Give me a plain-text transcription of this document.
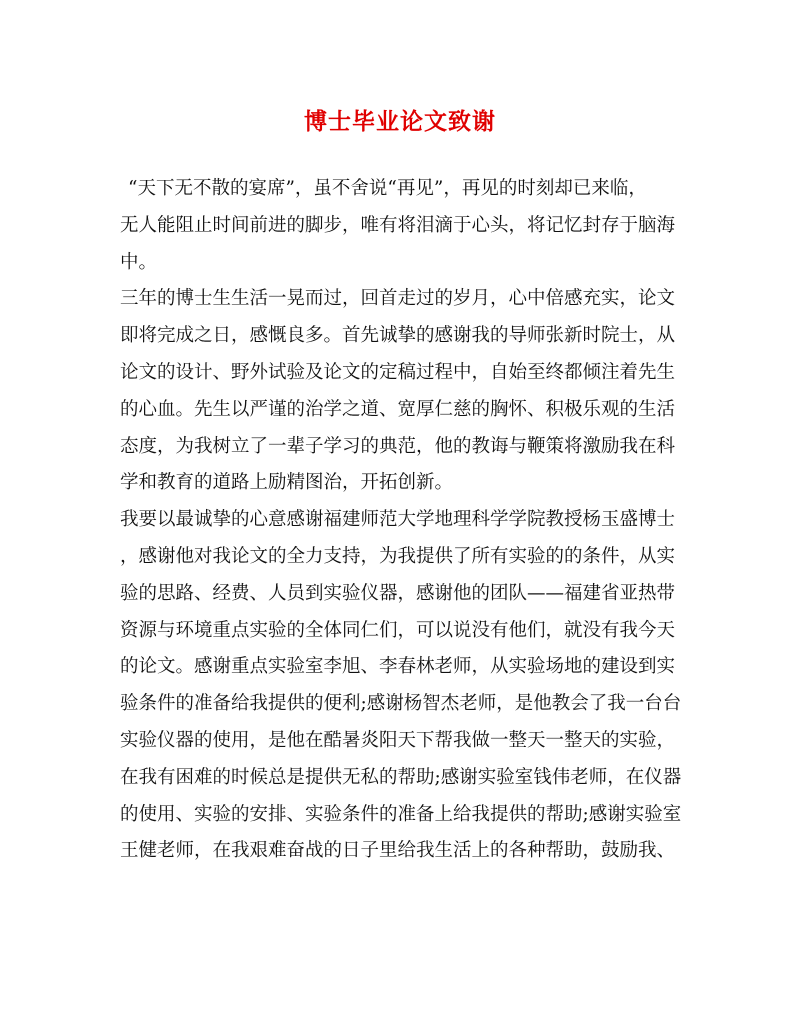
博士毕业论文致谢
“天下无不散的宴席”，虽不舍说“再见”，再见的时刻却已来临，
无人能阻止时间前进的脚步，唯有将泪滴于心头，将记忆封存于脑海
中。
三年的博士生生活一晃而过，回首走过的岁月，心中倍感充实，论文
即将完成之日，感慨良多。首先诚挚的感谢我的导师张新时院士，从
论文的设计、野外试验及论文的定稿过程中，自始至终都倾注着先生
的心血。先生以严谨的治学之道、宽厚仁慈的胸怀、积极乐观的生活
态度，为我树立了一辈子学习的典范，他的教诲与鞭策将激励我在科
学和教育的道路上励精图治，开拓创新。
我要以最诚挚的心意感谢福建师范大学地理科学学院教授杨玉盛博士
，感谢他对我论文的全力支持，为我提供了所有实验的的条件，从实
验的思路、经费、人员到实验仪器，感谢他的团队——福建省亚热带
资源与环境重点实验的全体同仁们，可以说没有他们，就没有我今天
的论文。感谢重点实验室李旭、李春林老师，从实验场地的建设到实
验条件的准备给我提供的便利;感谢杨智杰老师，是他教会了我一台台
实验仪器的使用，是他在酷暑炎阳天下帮我做一整天一整天的实验，
在我有困难的时候总是提供无私的帮助;感谢实验室钱伟老师，在仪器
的使用、实验的安排、实验条件的准备上给我提供的帮助;感谢实验室
王健老师，在我艰难奋战的日子里给我生活上的各种帮助，鼓励我、
